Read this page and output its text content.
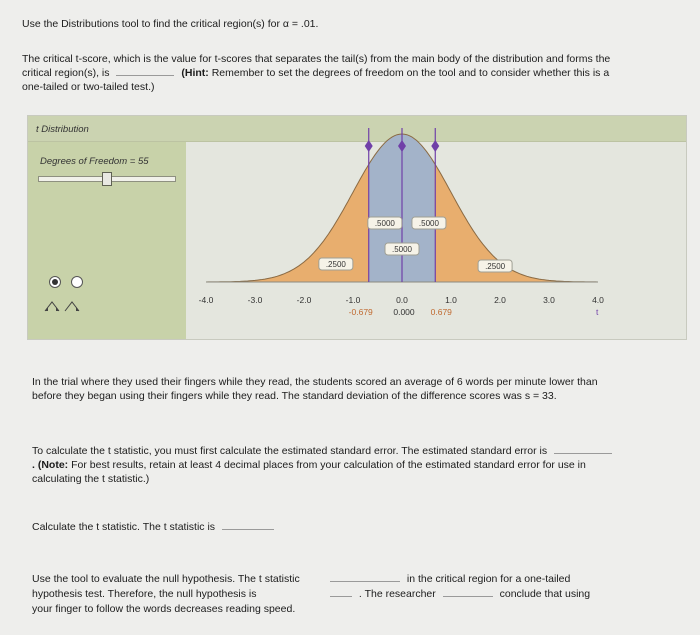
Use the Distributions tool to find the critical region(s) for α = .01.
The critical t-score, which is the value for t-scores that separates the tail(s) from the main body of the distribution and forms the critical region(s), is	(Hint: Remember to set the degrees of freedom on the tool and to consider whether this is a one-tailed or two-tailed test.)
t Distribution
Degrees of Freedom = 55
-4.0	-3.0	-2.0	-1.0	0.0	1.0	2.0	3.0	4.0
.5000	.5000
.5000
.2500	.2500
-0.679 0.000 0.679	t
In the trial where they used their fingers while they read, the students scored an average of 6 words per minute lower than before they began using their fingers while they read. The standard deviation of the difference scores was s = 33.
To calculate the t statistic, you must first calculate the estimated standard error. The estimated standard error is  . (Note: For best results, retain at least 4 decimal places from your calculation of the estimated standard error for use in calculating the t statistic.)
Calculate the t statistic. The t statistic is
Use the tool to evaluate the null hypothesis. The t statistic
hypothesis test. Therefore, the null hypothesis is
your finger to follow the words decreases reading speed.
in the critical region for a one-tailed
. The researcher	conclude that using
